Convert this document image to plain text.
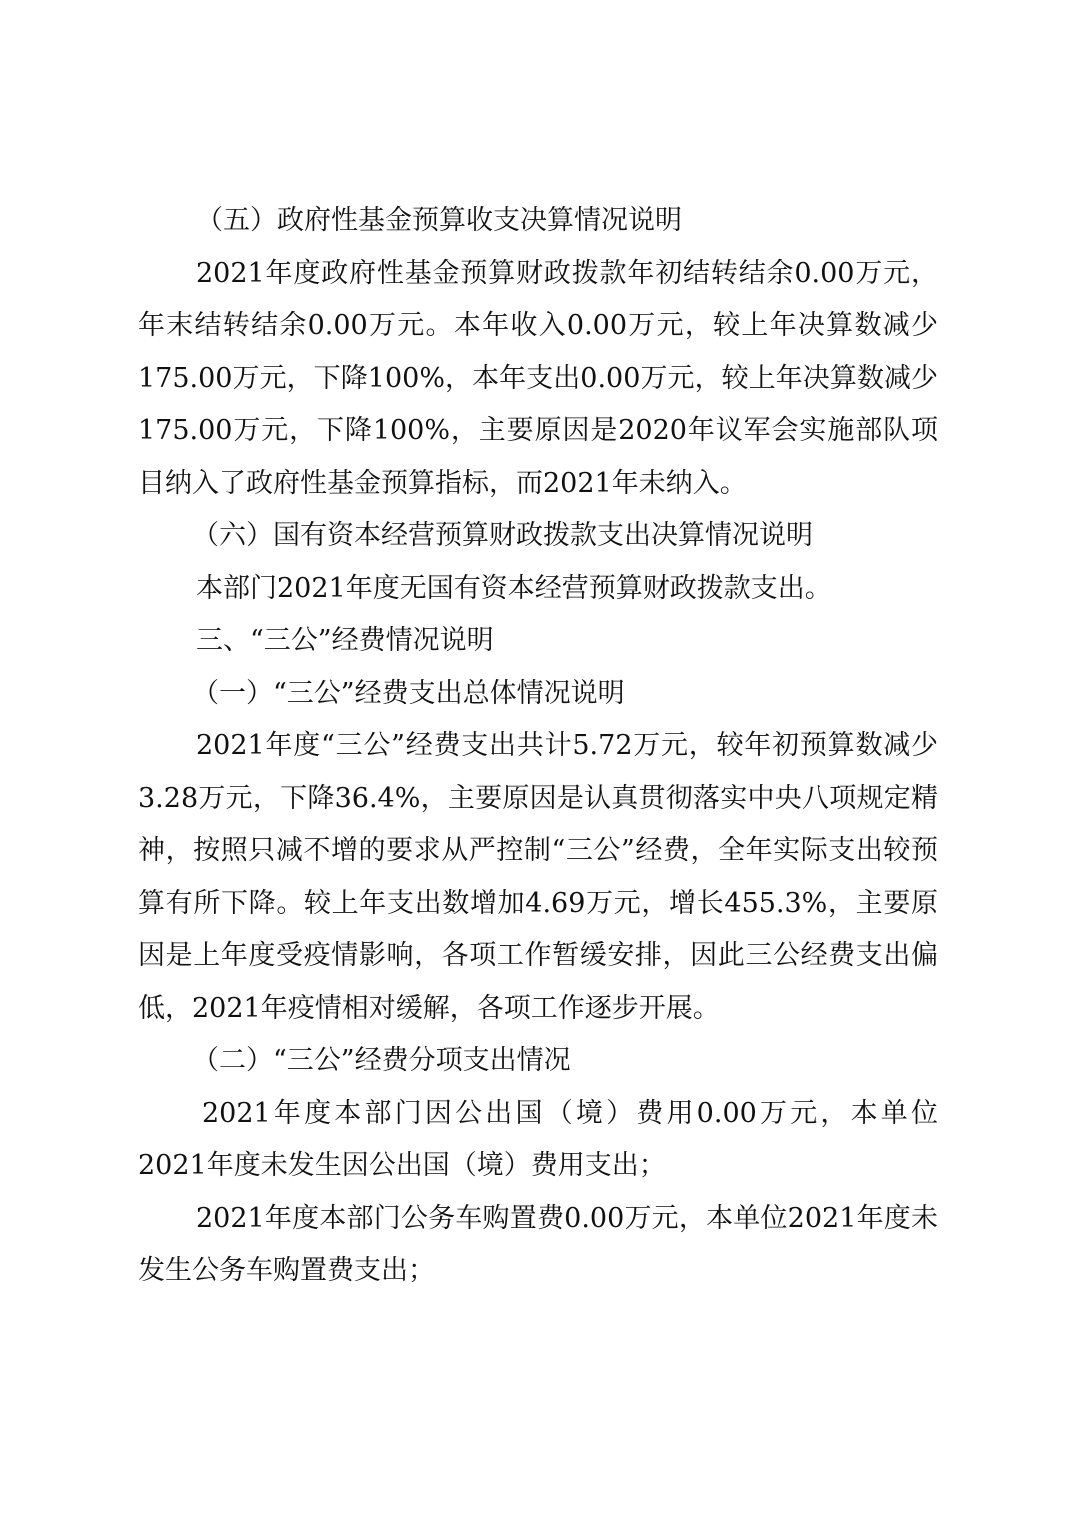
（五）政府性基金预算收支决算情况说明

2021年度政府性基金预算财政拨款年初结转结余0.00万元，年末结转结余0.00万元。本年收入0.00万元，较上年决算数减少175.00万元，下降100%，本年支出0.00万元，较上年决算数减少175.00万元，下降100%，主要原因是2020年议军会实施部队项目纳入了政府性基金预算指标，而2021年未纳入。

（六）国有资本经营预算财政拨款支出决算情况说明

本部门2021年度无国有资本经营预算财政拨款支出。

三、“三公”经费情况说明

（一）“三公”经费支出总体情况说明

2021年度“三公”经费支出共计5.72万元，较年初预算数减少3.28万元，下降36.4%，主要原因是认真贯彻落实中央八项规定精神，按照只减不增的要求从严控制“三公”经费，全年实际支出较预算有所下降。较上年支出数增加4.69万元，增长455.3%，主要原因是上年度受疫情影响，各项工作暂缓安排，因此三公经费支出偏低，2021年疫情相对缓解，各项工作逐步开展。

（二）“三公”经费分项支出情况

2021年度本部门因公出国（境）费用0.00万元，本单位2021年度未发生因公出国（境）费用支出；

2021年度本部门公务车购置费0.00万元，本单位2021年度未发生公务车购置费支出；
